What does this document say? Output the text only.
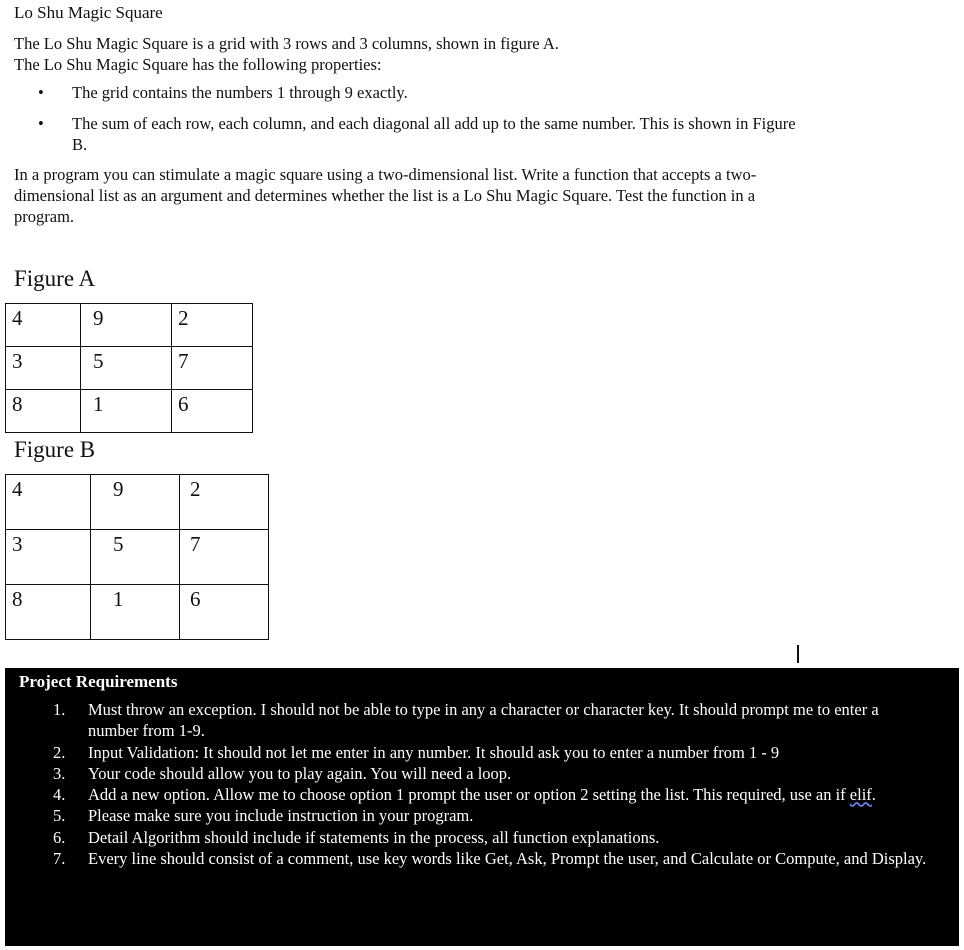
Lo Shu Magic Square
The Lo Shu Magic Square is a grid with 3 rows and 3 columns, shown in figure A.
The Lo Shu Magic Square has the following properties:
• The grid contains the numbers 1 through 9 exactly.
• The sum of each row, each column, and each diagonal all add up to the same number. This is shown in Figure B.
In a program you can stimulate a magic square using a two-dimensional list. Write a function that accepts a two-dimensional list as an argument and determines whether the list is a Lo Shu Magic Square. Test the function in a program.
Figure A
4	9	2
3	5	7
8	1	6
Figure B
4	9	2
3	5	7
8	1	6
Project Requirements
1. Must throw an exception. I should not be able to type in any a character or character key. It should prompt me to enter a number from 1-9.
2. Input Validation: It should not let me enter in any number. It should ask you to enter a number from 1 - 9
3. Your code should allow you to play again. You will need a loop.
4. Add a new option. Allow me to choose option 1 prompt the user or option 2 setting the list. This required, use an if elif.
5. Please make sure you include instruction in your program.
6. Detail Algorithm should include if statements in the process, all function explanations.
7. Every line should consist of a comment, use key words like Get, Ask, Prompt the user, and Calculate or Compute, and Display.
